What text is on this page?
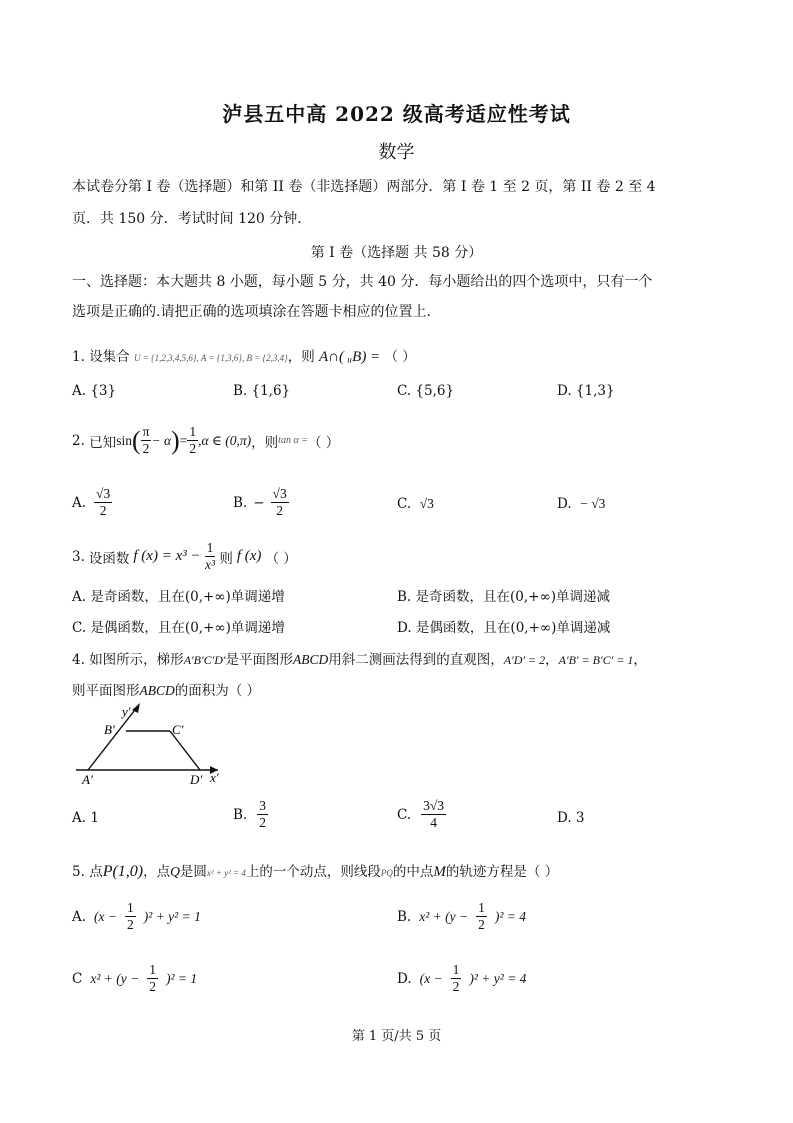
泸县五中高 2022 级高考适应性考试
数学
本试卷分第 I 卷（选择题）和第 II 卷（非选择题）两部分．第 I 卷 1 至 2 页，第 II 卷 2 至 4
页．共 150 分．考试时间 120 分钟．
第 I 卷（选择题 共 58 分）
一、选择题：本大题共 8 小题，每小题 5 分，共 40 分．每小题给出的四个选项中，只有一个
选项是正确的.请把正确的选项填涂在答题卡相应的位置上.
1. 设集合 U = {1,2,3,4,5,6}, A = {1,3,6}, B = {2,3,4}，则 A∩( ᵤB) = （ ）
A. {3}	B. {1,6}	C. {5,6}	D. {1,3}
2.
已知 sin ( $\frac{\pi}{2} - \alpha$ ) = $\frac{1}{2} ,\alpha$ ∈ (0,π) ，则 tan α = （ ）
A. $\frac{√3}{2}$	B. − $\frac{√3}{2}$	C. √3	D. − √3
3. 设函数 f $(x) = x^3 - \frac{1}{\text{x³}}$ 则 f (x) （ ）
A. 是奇函数，且在(0,+∞)单调递增	B. 是奇函数，且在(0,+∞)单调递减
C. 是偶函数，且在(0,+∞)单调递增	D. 是偶函数，且在(0,+∞)单调递减
4. 如图所示，梯形A′B′C′D′是平面图形ABCD用斜二测画法得到的直观图，A′D′ = 2，A′B′ = B′C′ = 1，
则平面图形ABCD的面积为（ ）
y′
B′	C′
A′	D′ x′
A. 1	B. $\frac{3}{2}$	C. $\frac{3√3}{4}$	D. 3
5. 点P(1,0)，点Q是圆x² + y² = 4上的一个动点，则线段PQ的中点M的轨迹方程是（ ）
A. $(x - \frac{1}{2} )^2 + y^2 = 1$	B. $x^2 + (y - \frac{1}{2} )^2 = 4$
C $x^2 + (y - \frac{1}{2} )^2 = 1$	D. $(x - \frac{1}{2} )^2 + y^2 = 4$
第 1 页/共 5 页
